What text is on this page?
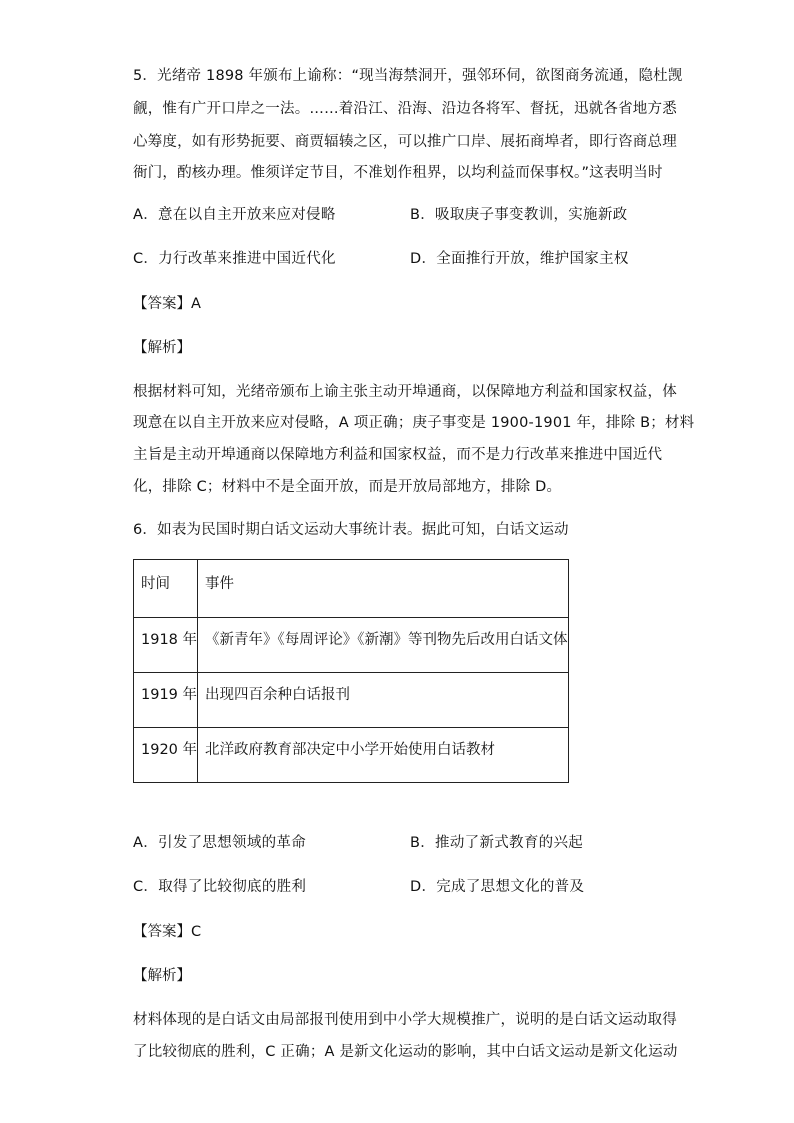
5．光绪帝 1898 年颁布上谕称：“现当海禁洞开，强邻环伺，欲图商务流通，隐杜觊
觎，惟有广开口岸之一法。……着沿江、沿海、沿边各将军、督抚，迅就各省地方悉
心筹度，如有形势扼要、商贾辐辏之区，可以推广口岸、展拓商埠者，即行咨商总理
衙门，酌核办理。惟须详定节目，不准划作租界，以均利益而保事权。”这表明当时
A．意在以自主开放来应对侵略	B．吸取庚子事变教训，实施新政
C．力行改革来推进中国近代化	D．全面推行开放，维护国家主权
【答案】A
【解析】
根据材料可知，光绪帝颁布上谕主张主动开埠通商，以保障地方利益和国家权益，体
现意在以自主开放来应对侵略，A 项正确；庚子事变是 1900-1901 年，排除 B；材料
主旨是主动开埠通商以保障地方利益和国家权益，而不是力行改革来推进中国近代
化，排除 C；材料中不是全面开放，而是开放局部地方，排除 D。
6．如表为民国时期白话文运动大事统计表。据此可知，白话文运动
时间	事件
1918 年	《新青年》《每周评论》《新潮》等刊物先后改用白话文体
1919 年	出现四百余种白话报刊
1920 年	北洋政府教育部决定中小学开始使用白话教材
A．引发了思想领域的革命	B．推动了新式教育的兴起
C．取得了比较彻底的胜利	D．完成了思想文化的普及
【答案】C
【解析】
材料体现的是白话文由局部报刊使用到中小学大规模推广，说明的是白话文运动取得
了比较彻底的胜利，C 正确；A 是新文化运动的影响，其中白话文运动是新文化运动
